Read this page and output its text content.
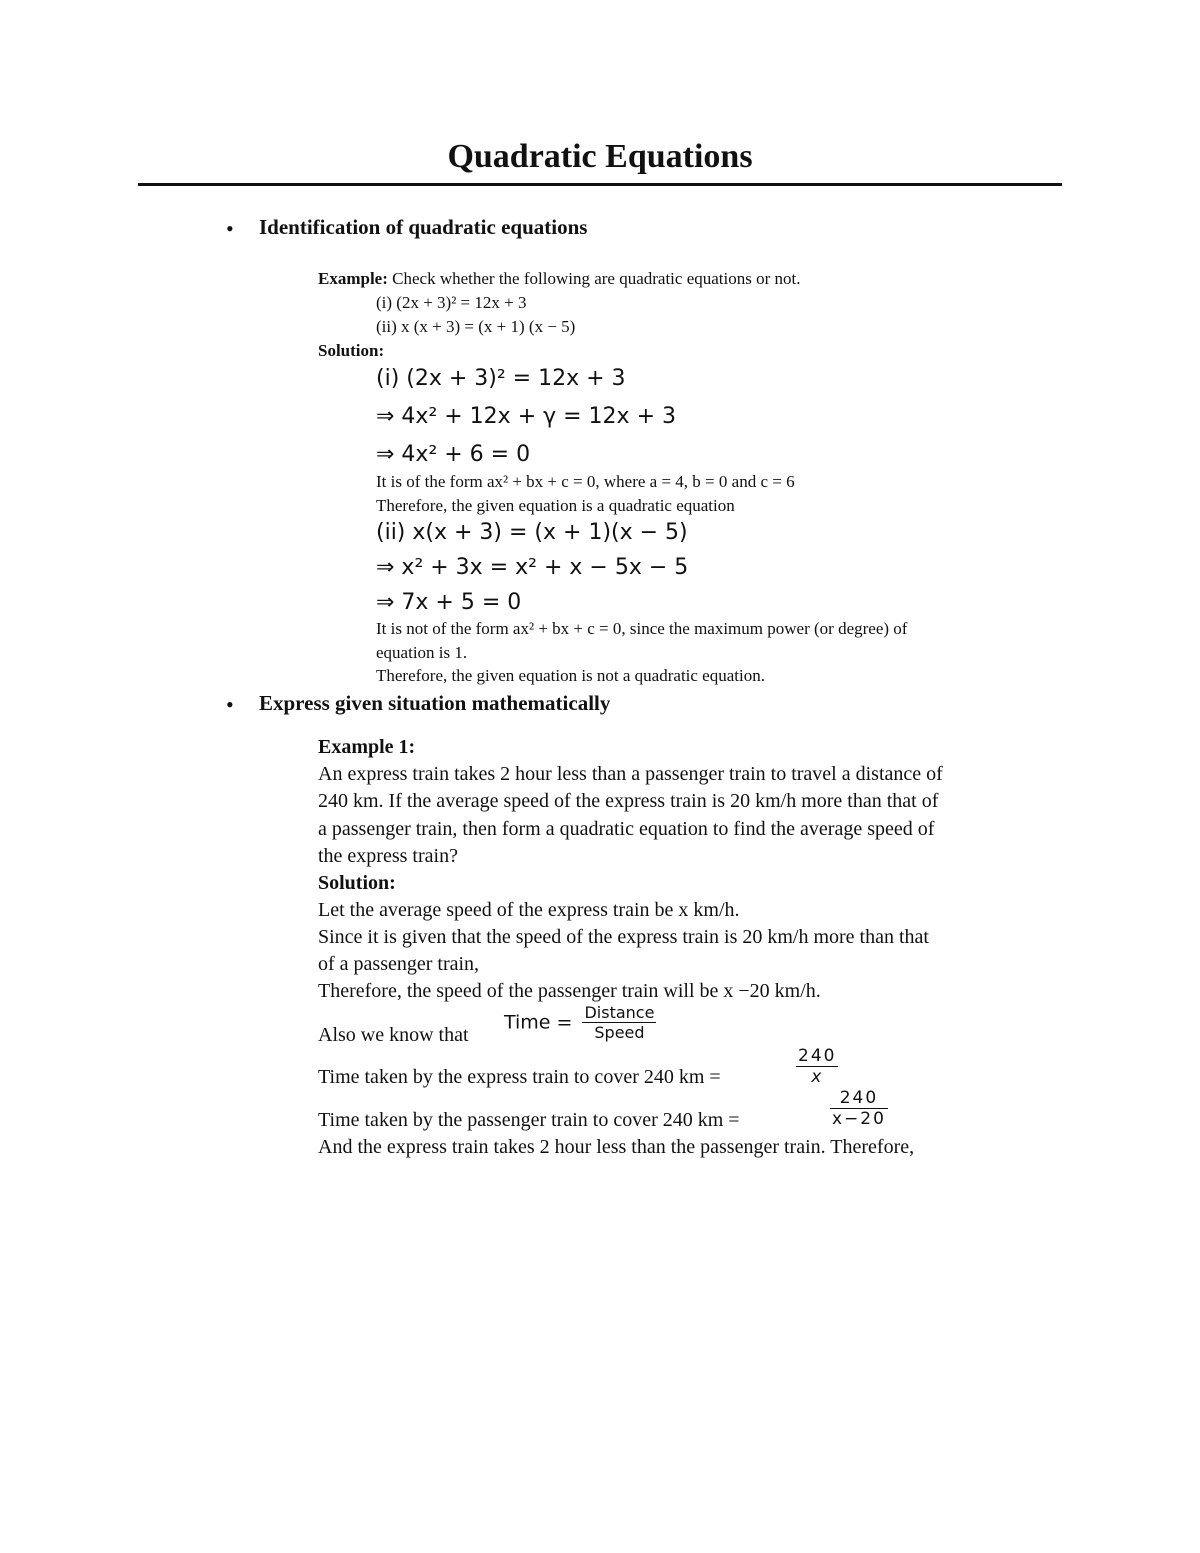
Quadratic Equations
• Identification of quadratic equations
Example: Check whether the following are quadratic equations or not.
(i) (2x + 3)² = 12x + 3
(ii) x (x + 3) = (x + 1) (x − 5)
Solution:
(i) (2x + 3)² = 12x + 3
⇒ 4x² + 12x + γ = 12x + 3
⇒ 4x² + 6 = 0
It is of the form ax² + bx + c = 0, where a = 4, b = 0 and c = 6
Therefore, the given equation is a quadratic equation
(ii) x(x + 3) = (x + 1)(x − 5)
⇒ x² + 3x = x² + x − 5x − 5
⇒ 7x + 5 = 0
It is not of the form ax² + bx + c = 0, since the maximum power (or degree) of
equation is 1.
Therefore, the given equation is not a quadratic equation.
• Express given situation mathematically
Example 1:
An express train takes 2 hour less than a passenger train to travel a distance of
240 km. If the average speed of the express train is 20 km/h more than that of
a passenger train, then form a quadratic equation to find the average speed of
the express train?
Solution:
Let the average speed of the express train be x km/h.
Since it is given that the speed of the express train is 20 km/h more than that
of a passenger train,
Therefore, the speed of the passenger train will be x −20 km/h.
Also we know that
Time = $\frac{\text{Distance}}{\text{Speed}}$
Time taken by the express train to cover 240 km =	$\frac{240}{x}$
Time taken by the passenger train to cover 240 km =	$\frac{240}{x-20}$
And the express train takes 2 hour less than the passenger train. Therefore,
